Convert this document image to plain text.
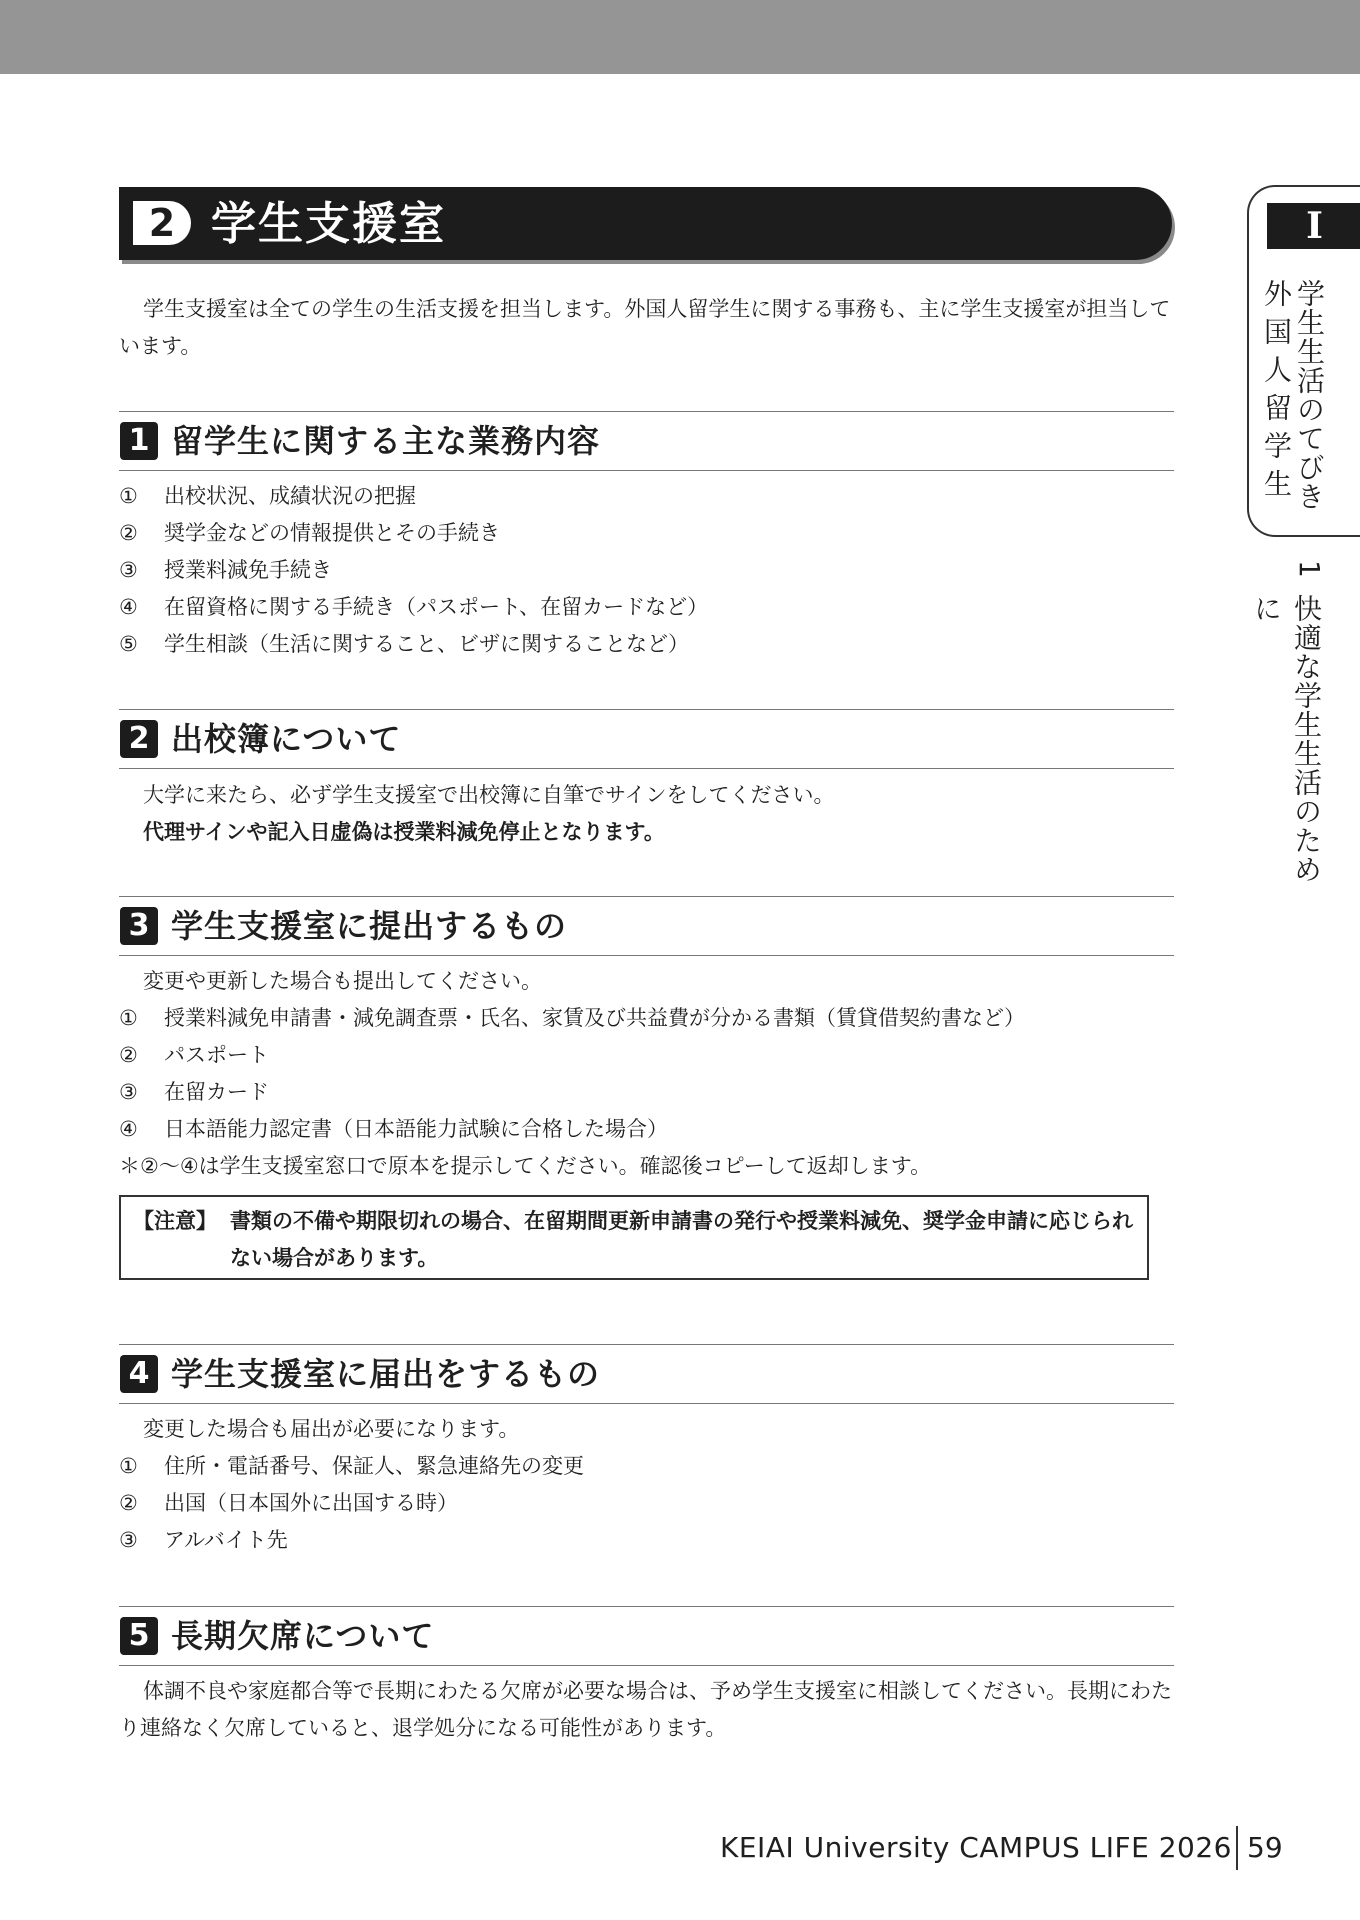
2 学生支援室

学生支援室は全ての学生の生活支援を担当します。外国人留学生に関する事務も、主に学生支援室が担当しています。

1 留学生に関する主な業務内容
① 出校状況、成績状況の把握
② 奨学金などの情報提供とその手続き
③ 授業料減免手続き
④ 在留資格に関する手続き（パスポート、在留カードなど）
⑤ 学生相談（生活に関すること、ビザに関することなど）
2 出校簿について
大学に来たら、必ず学生支援室で出校簿に自筆でサインをしてください。
代理サインや記入日虚偽は授業料減免停止となります。
3 学生支援室に提出するもの
変更や更新した場合も提出してください。
① 授業料減免申請書・減免調査票・氏名、家賃及び共益費が分かる書類（賃貸借契約書など）
② パスポート
③ 在留カード
④ 日本語能力認定書（日本語能力試験に合格した場合）
＊②〜④は学生支援室窓口で原本を提示してください。確認後コピーして返却します。
【注意】 書類の不備や期限切れの場合、在留期間更新申請書の発行や授業料減免、奨学金申請に応じられない場合があります。
4 学生支援室に届出をするもの
変更した場合も届出が必要になります。
① 住所・電話番号、保証人、緊急連絡先の変更
② 出国（日本国外に出国する時）
③ アルバイト先
5 長期欠席について

体調不良や家庭都合等で長期にわたる欠席が必要な場合は、予め学生支援室に相談してください。長期にわたり連絡なく欠席していると、退学処分になる可能性があります。

I
学生生活のてびき
外国人留学生
1
快適な学生生活のために
KEIAI University CAMPUS LIFE 2026 59
